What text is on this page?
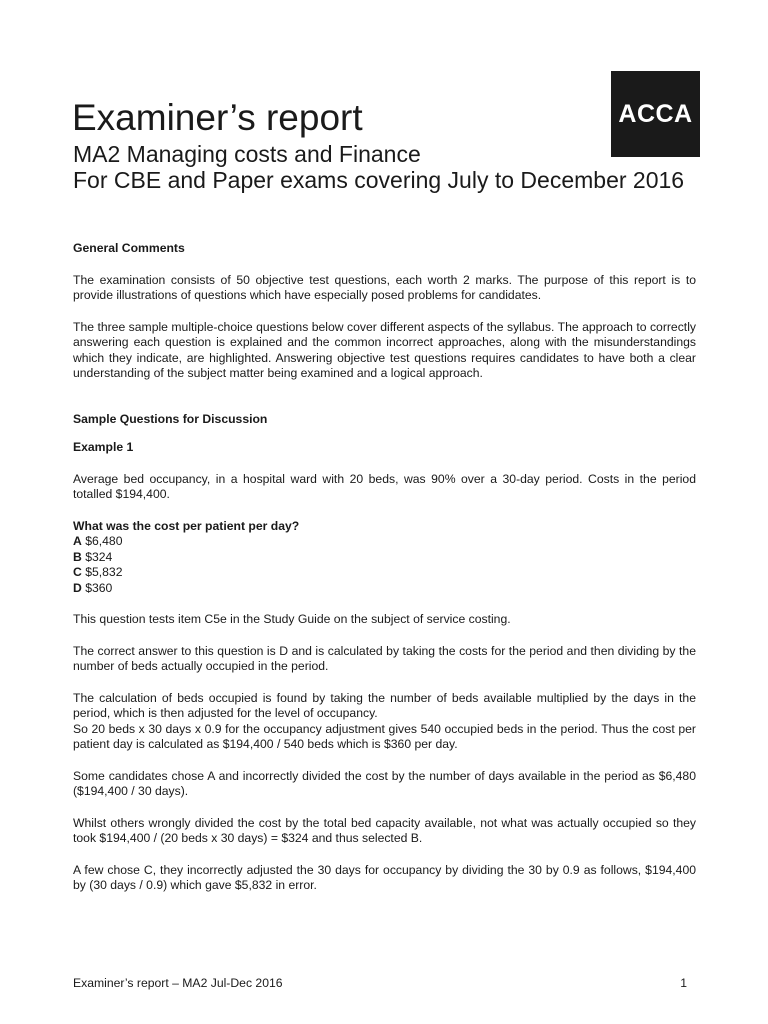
ACCA
Examiner’s report
MA2 Managing costs and Finance
For CBE and Paper exams covering July to December 2016

General Comments

The examination consists of 50 objective test questions, each worth 2 marks. The purpose of this report is to provide illustrations of questions which have especially posed problems for candidates.

The three sample multiple-choice questions below cover different aspects of the syllabus. The approach to correctly answering each question is explained and the common incorrect approaches, along with the misunderstandings which they indicate, are highlighted. Answering objective test questions requires candidates to have both a clear understanding of the subject matter being examined and a logical approach.

Sample Questions for Discussion

Example 1

Average bed occupancy, in a hospital ward with 20 beds, was 90% over a 30-day period. Costs in the period totalled $194,400.

What was the cost per patient per day?

A $6,480

B $324

C $5,832

D $360

This question tests item C5e in the Study Guide on the subject of service costing.

The correct answer to this question is D and is calculated by taking the costs for the period and then dividing by the number of beds actually occupied in the period.

The calculation of beds occupied is found by taking the number of beds available multiplied by the days in the period, which is then adjusted for the level of occupancy.

So 20 beds x 30 days x 0.9 for the occupancy adjustment gives 540 occupied beds in the period. Thus the cost per patient day is calculated as $194,400 / 540 beds which is $360 per day.

Some candidates chose A and incorrectly divided the cost by the number of days available in the period as $6,480 ($194,400 / 30 days).

Whilst others wrongly divided the cost by the total bed capacity available, not what was actually occupied so they took $194,400 / (20 beds x 30 days) = $324 and thus selected B.

A few chose C, they incorrectly adjusted the 30 days for occupancy by dividing the 30 by 0.9 as follows, $194,400 by (30 days / 0.9) which gave $5,832 in error.

Examiner’s report – MA2 Jul-Dec 2016	1
